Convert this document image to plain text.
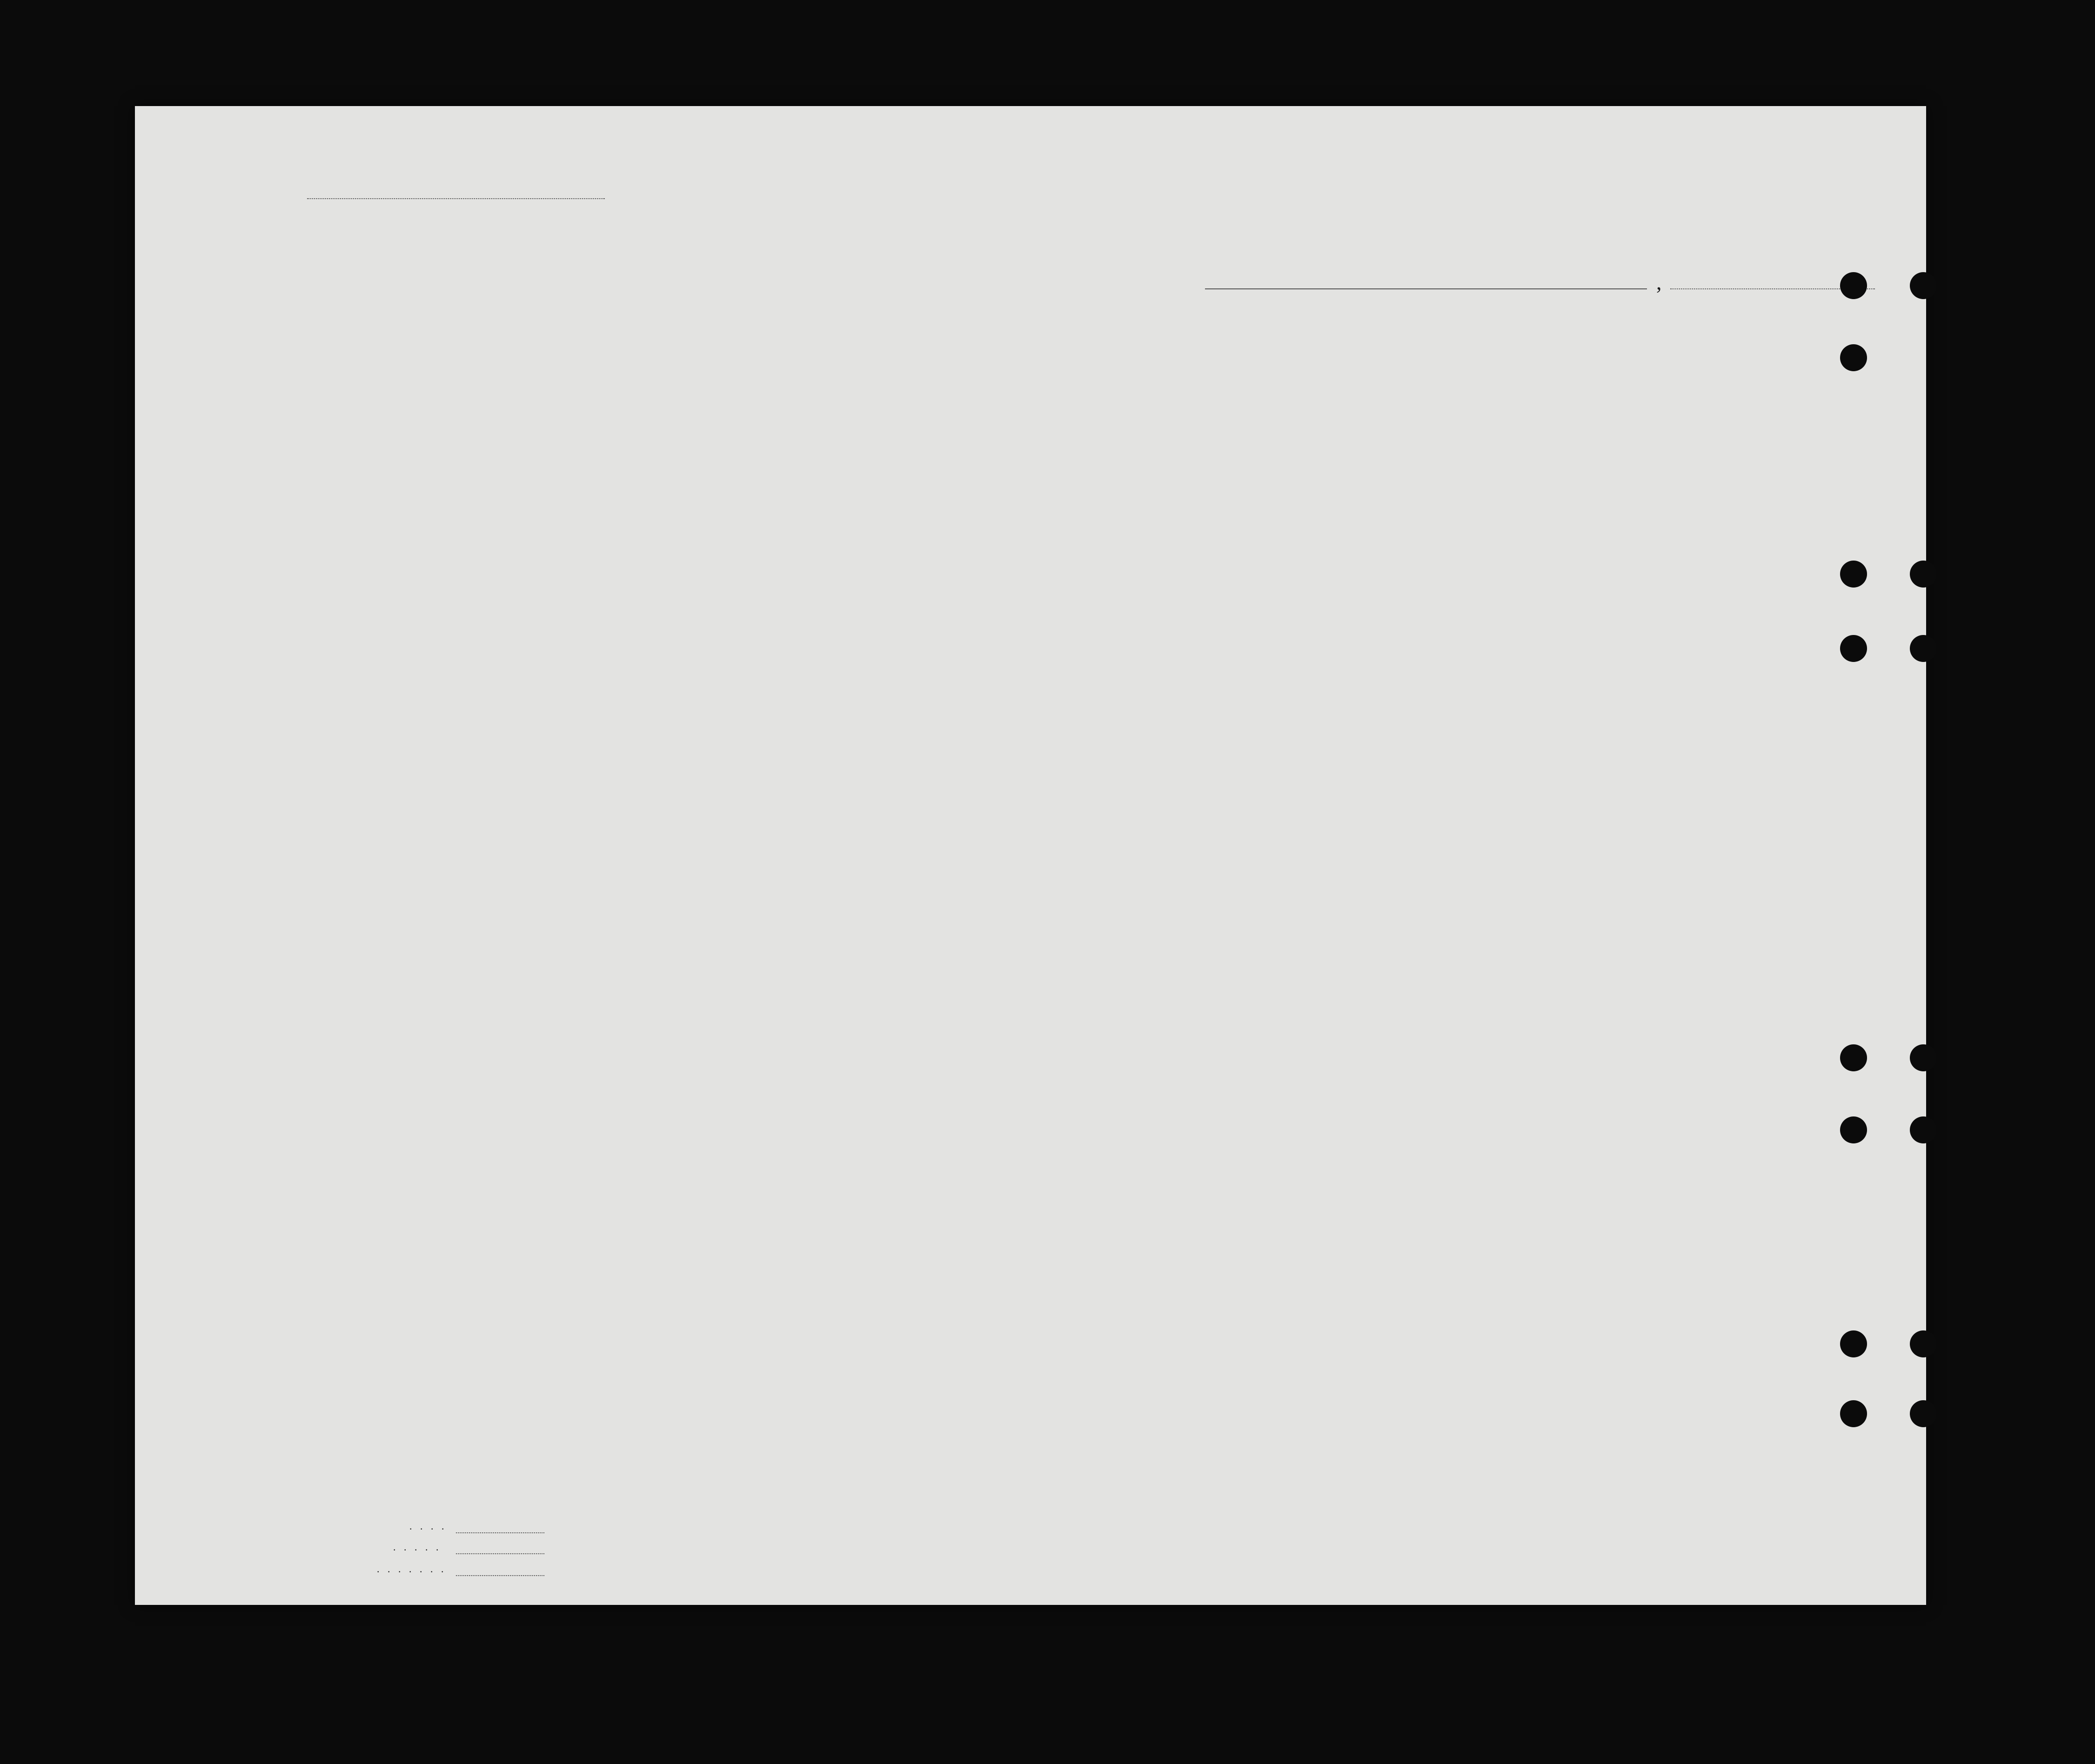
,
. . . .
. . . . .
. . . . . . .
